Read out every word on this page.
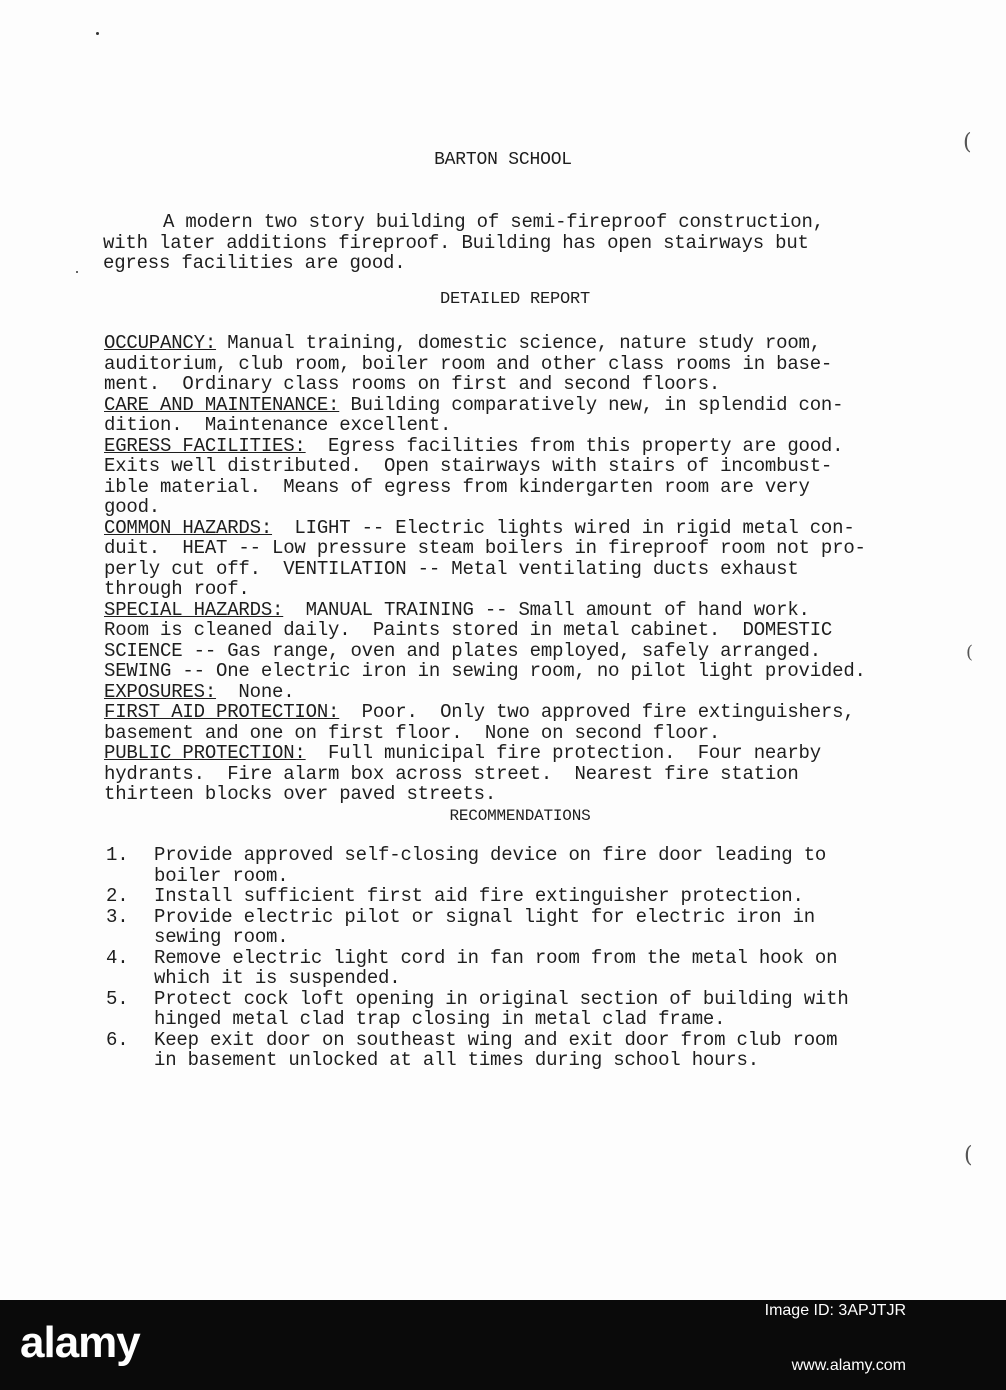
BARTON SCHOOL
A modern two story building of semi-fireproof construction,
with later additions fireproof. Building has open stairways but
egress facilities are good.
DETAILED REPORT
OCCUPANCY: Manual training, domestic science, nature study room,
auditorium, club room, boiler room and other class rooms in base-
ment.  Ordinary class rooms on first and second floors.
CARE AND MAINTENANCE: Building comparatively new, in splendid con-
dition.  Maintenance excellent.
EGRESS FACILITIES:  Egress facilities from this property are good.
Exits well distributed.  Open stairways with stairs of incombust-
ible material.  Means of egress from kindergarten room are very
good.
COMMON HAZARDS:  LIGHT -- Electric lights wired in rigid metal con-
duit.  HEAT -- Low pressure steam boilers in fireproof room not pro-
perly cut off.  VENTILATION -- Metal ventilating ducts exhaust
through roof.
SPECIAL HAZARDS:  MANUAL TRAINING -- Small amount of hand work.
Room is cleaned daily.  Paints stored in metal cabinet.  DOMESTIC
SCIENCE -- Gas range, oven and plates employed, safely arranged.
SEWING -- One electric iron in sewing room, no pilot light provided.
EXPOSURES:  None.
FIRST AID PROTECTION:  Poor.  Only two approved fire extinguishers,
basement and one on first floor.  None on second floor.
PUBLIC PROTECTION:  Full municipal fire protection.  Four nearby
hydrants.  Fire alarm box across street.  Nearest fire station
thirteen blocks over paved streets.
RECOMMENDATIONS
1.	Provide approved self-closing device on fire door leading to
boiler room.
2.	Install sufficient first aid fire extinguisher protection.
3.	Provide electric pilot or signal light for electric iron in
sewing room.
4.	Remove electric light cord in fan room from the metal hook on
which it is suspended.
5.	Protect cock loft opening in original section of building with
hinged metal clad trap closing in metal clad frame.
6.	Keep exit door on southeast wing and exit door from club room
in basement unlocked at all times during school hours.
(
(
(
alamy
Image ID: 3APJTJR
www.alamy.com
